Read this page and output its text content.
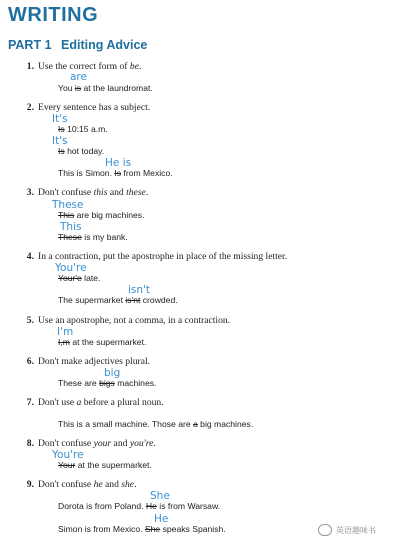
WRITING
PART 1 Editing Advice
1. Use the correct form of be.
are
You is at the laundromat.
2. Every sentence has a subject.
It's
Is 10:15 a.m.
It's
Is hot today.
He is
This is Simon. Is from Mexico.
3. Don't confuse this and these.
These
This are big machines.
This
These is my bank.
4. In a contraction, put the apostrophe in place of the missing letter.
You're
Your'e late.
isn't
The supermarket is'nt crowded.
5. Use an apostrophe, not a comma, in a contraction.
I'm
I,m at the supermarket.
6. Don't make adjectives plural.
big
These are bigs machines.
7. Don't use a before a plural noun.
This is a small machine. Those are a big machines.
8. Don't confuse your and you're.
You're
Your at the supermarket.
9. Don't confuse he and she.
She
Dorota is from Poland. He is from Warsaw.
He
Simon is from Mexico. She speaks Spanish.	英语趣味书
